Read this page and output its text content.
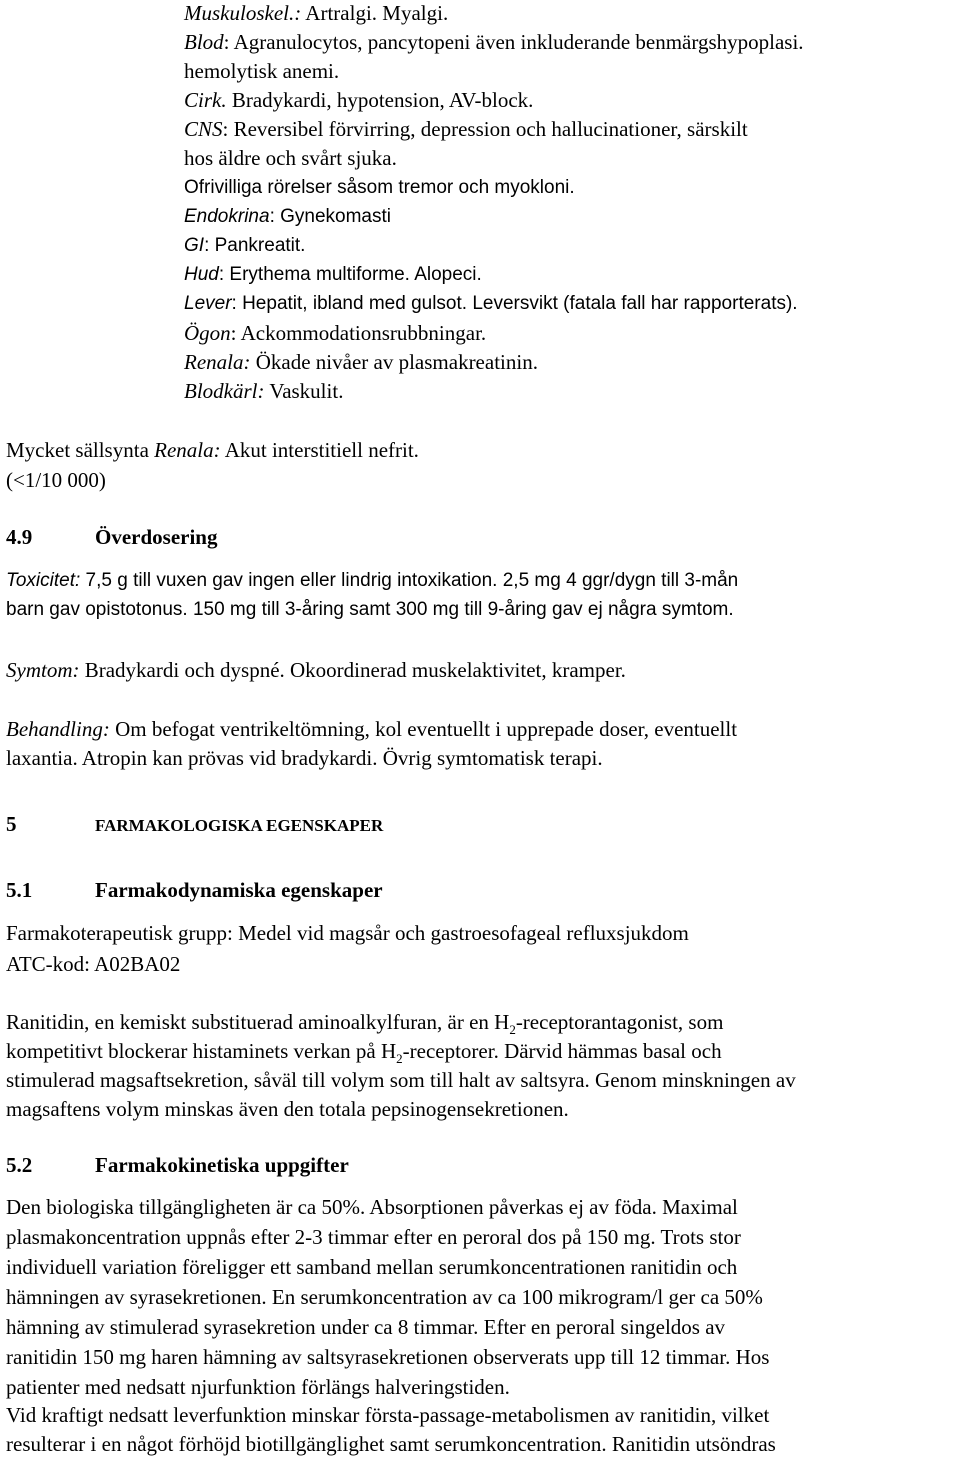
Muskuloskel.: Artralgi. Myalgi.
Blod: Agranulocytos, pancytopeni även inkluderande benmärgshypoplasi.
hemolytisk anemi.
Cirk. Bradykardi, hypotension, AV-block.
CNS: Reversibel förvirring, depression och hallucinationer, särskilt
hos äldre och svårt sjuka.
Ofrivilliga rörelser såsom tremor och myokloni.
Endokrina: Gynekomasti
GI: Pankreatit.
Hud: Erythema multiforme. Alopeci.
Lever: Hepatit, ibland med gulsot. Leversvikt (fatala fall har rapporterats).
Ögon: Ackommodationsrubbningar.
Renala: Ökade nivåer av plasmakreatinin.
Blodkärl: Vaskulit.
Mycket sällsynta Renala: Akut interstitiell nefrit.
(<1/10 000)
4.9	Överdosering
Toxicitet: 7,5 g till vuxen gav ingen eller lindrig intoxikation. 2,5 mg 4 ggr/dygn till 3-mån
barn gav opistotonus. 150 mg till 3-åring samt 300 mg till 9-åring gav ej några symtom.
Symtom: Bradykardi och dyspné. Okoordinerad muskelaktivitet, kramper.
Behandling: Om befogat ventrikeltömning, kol eventuellt i upprepade doser, eventuellt
laxantia. Atropin kan prövas vid bradykardi. Övrig symtomatisk terapi.
5	FARMAKOLOGISKA EGENSKAPER
5.1	Farmakodynamiska egenskaper
Farmakoterapeutisk grupp: Medel vid magsår och gastroesofageal refluxsjukdom
ATC-kod: A02BA02
Ranitidin, en kemiskt substituerad aminoalkylfuran, är en $H_2$-receptorantagonist, som
kompetitivt blockerar histaminets verkan på $H_2$-receptorer. Därvid hämmas basal och
stimulerad magsaftsekretion, såväl till volym som till halt av saltsyra. Genom minskningen av
magsaftens volym minskas även den totala pepsinogensekretionen.
5.2	Farmakokinetiska uppgifter
Den biologiska tillgängligheten är ca 50%. Absorptionen påverkas ej av föda. Maximal
plasmakoncentration uppnås efter 2-3 timmar efter en peroral dos på 150 mg. Trots stor
individuell variation föreligger ett samband mellan serumkoncentrationen ranitidin och
hämningen av syrasekretionen. En serumkoncentration av ca 100 mikrogram/l ger ca 50%
hämning av stimulerad syrasekretion under ca 8 timmar. Efter en peroral singeldos av
ranitidin 150 mg haren hämning av saltsyrasekretionen observerats upp till 12 timmar. Hos
patienter med nedsatt njurfunktion förlängs halveringstiden.
Vid kraftigt nedsatt leverfunktion minskar första-passage-metabolismen av ranitidin, vilket
resulterar i en något förhöjd biotillgänglighet samt serumkoncentration. Ranitidin utsöndras
